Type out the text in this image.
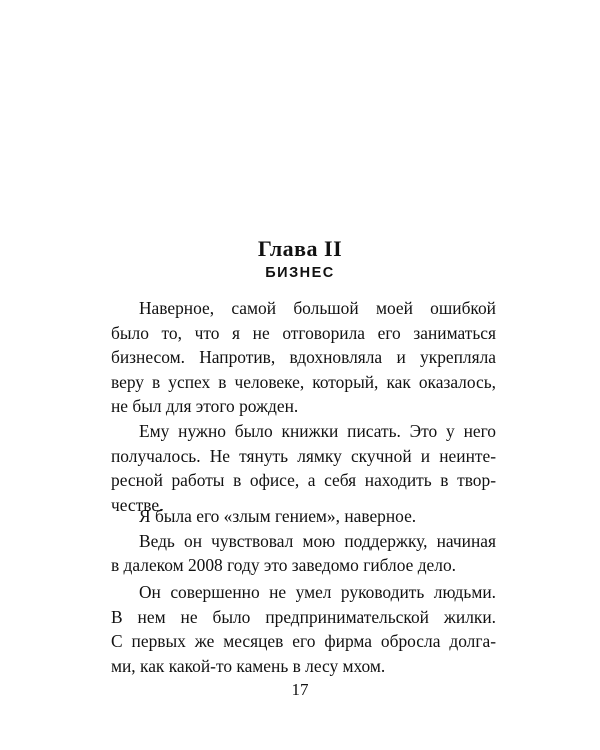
Глава II
БИЗНЕС

Наверное, самой большой моей ошибкой
было то, что я не отговорила его заниматься
бизнесом. Напротив, вдохновляла и укрепляла
веру в успех в человеке, который, как оказалось,
не был для этого рожден.

Ему нужно было книжки писать. Это у него
получалось. Не тянуть лямку скучной и неинте-
ресной работы в офисе, а себя находить в твор-
честве.

Я была его «злым гением», наверное.

Ведь он чувствовал мою поддержку, начиная
в далеком 2008 году это заведомо гиблое дело.

Он совершенно не умел руководить людьми.
В нем не было предпринимательской жилки.
С первых же месяцев его фирма обросла долга-
ми, как какой-то камень в лесу мхом.

17
